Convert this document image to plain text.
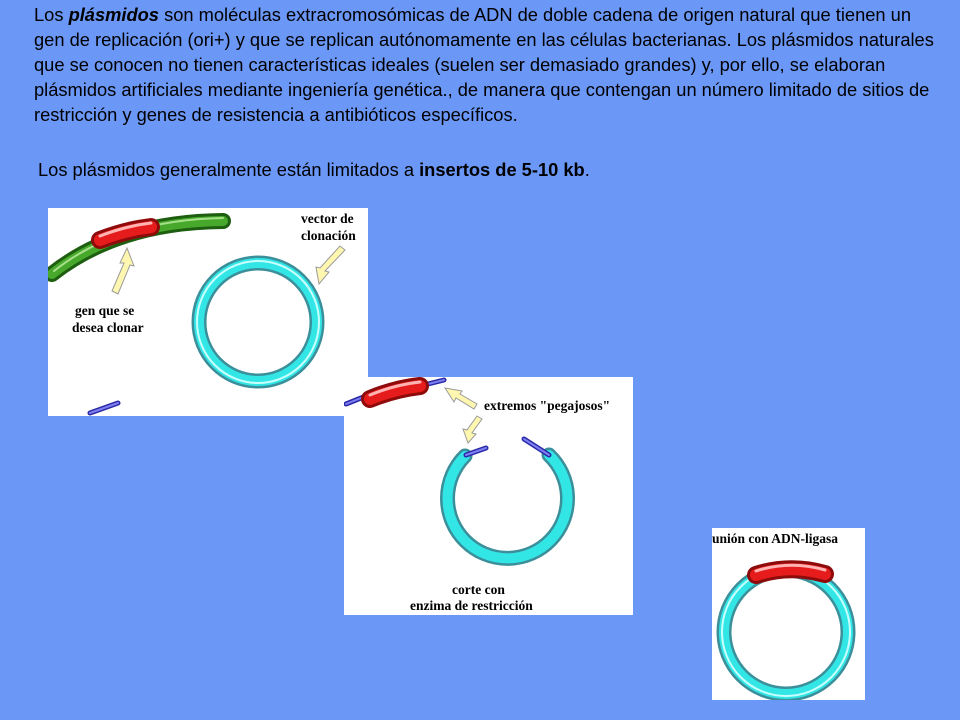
Los plásmidos son moléculas extracromosómicas de ADN de doble cadena de origen natural que tienen un gen de replicación (ori+) y que se replican autónomamente en las células bacterianas. Los plásmidos naturales que se conocen no tienen características ideales (suelen ser demasiado grandes) y, por ello, se elaboran plásmidos artificiales mediante ingeniería genética., de manera que contengan un número limitado de sitios de restricción y genes de resistencia a antibióticos específicos.

Los plásmidos generalmente están limitados a insertos de 5-10 kb.

vector de
clonación
gen que se
desea clonar
extremos "pegajosos"
corte con
enzima de restricción
unión con ADN-ligasa
